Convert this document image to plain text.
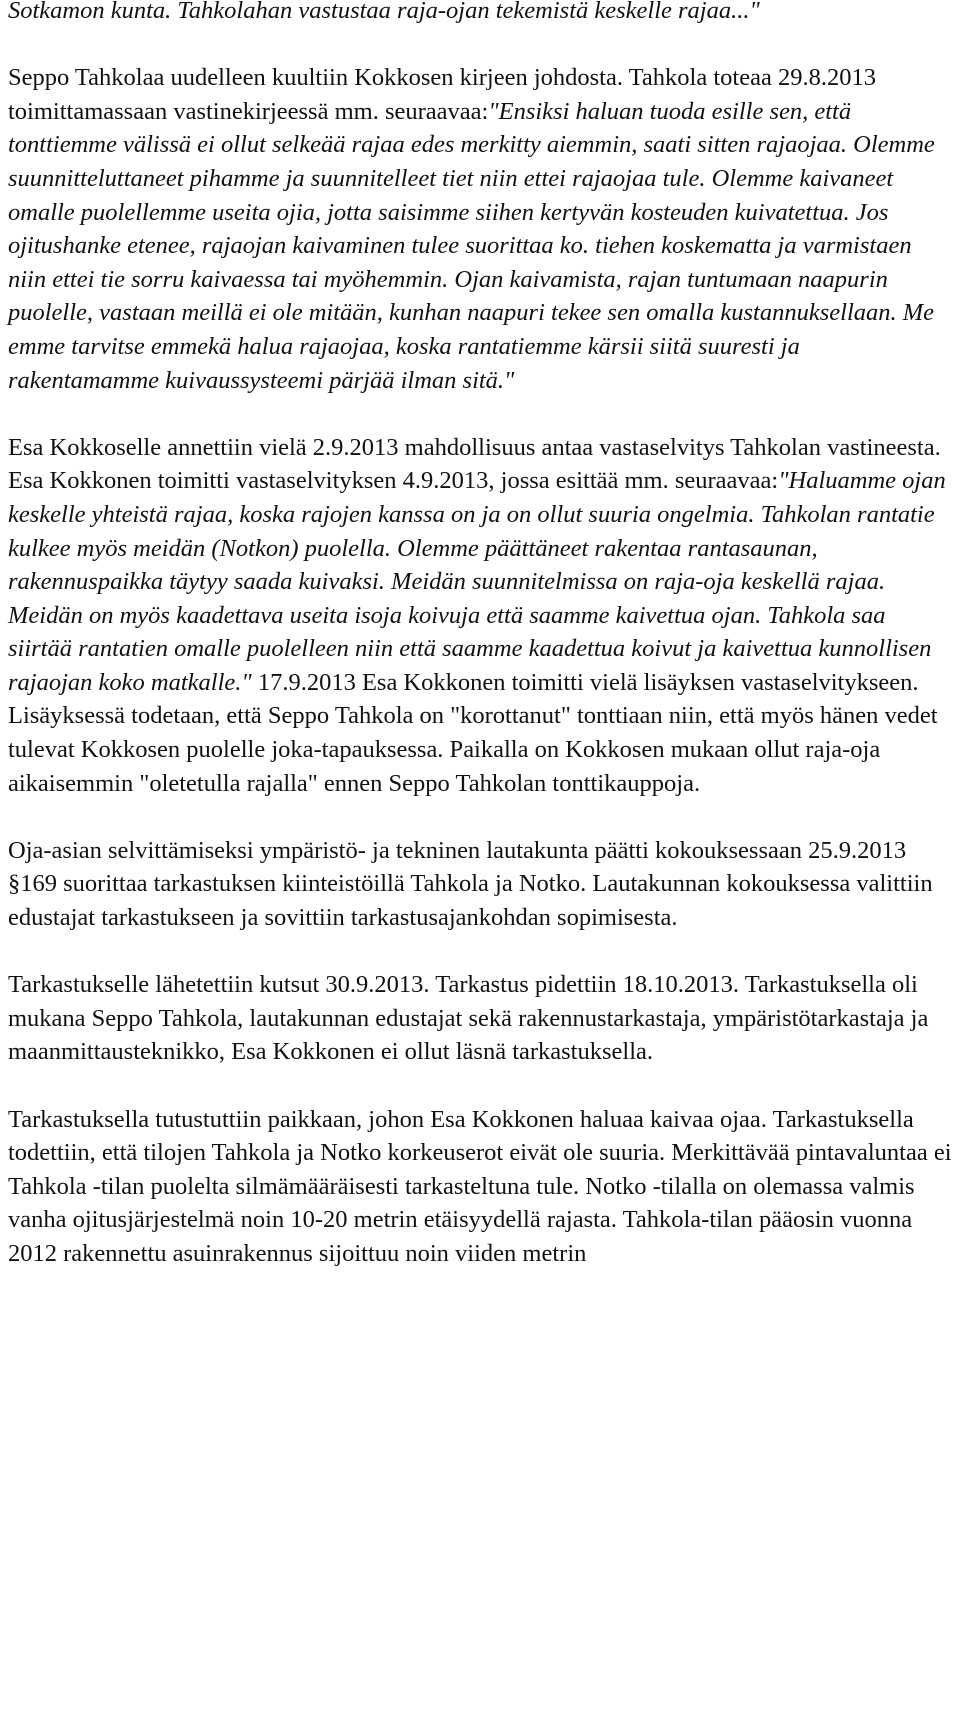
Sotkamon kunta. Tahkolahan vastustaa raja-ojan tekemistä keskelle rajaa..."

Seppo Tahkolaa uudelleen kuultiin Kokkosen kirjeen johdosta. Tahkola toteaa 29.8.2013 toimittamassaan vastinekirjeessä mm. seuraavaa:"Ensiksi haluan tuoda esille sen, että tonttiemme välissä ei ollut selkeää rajaa edes merkitty aiemmin, saati sitten rajaojaa. Olemme suunnitteluttaneet pihamme ja suunnitelleet tiet niin ettei rajaojaa tule. Olemme kaivaneet omalle puolellemme useita ojia, jotta saisimme siihen kertyvän kosteuden kuivatettua. Jos ojitushanke etenee, rajaojan kaivaminen tulee suorittaa ko. tiehen koskematta ja varmistaen niin ettei tie sorru kaivaessa tai myöhemmin. Ojan kaivamista, rajan tuntumaan naapurin puolelle, vastaan meillä ei ole mitään, kunhan naapuri tekee sen omalla kustannuksellaan. Me emme tarvitse emmekä halua rajaojaa, koska rantatiemme kärsii siitä suuresti ja rakentamamme kuivaussysteemi pärjää ilman sitä."

Esa Kokkoselle annettiin vielä 2.9.2013 mahdollisuus antaa vastaselvitys Tahkolan vastineesta. Esa Kokkonen toimitti vastaselvityksen 4.9.2013, jossa esittää mm. seuraavaa:"Haluamme ojan keskelle yhteistä rajaa, koska rajojen kanssa on ja on ollut suuria ongelmia. Tahkolan rantatie kulkee myös meidän (Notkon) puolella. Olemme päättäneet rakentaa rantasaunan, rakennuspaikka täytyy saada kuivaksi. Meidän suunnitelmissa on raja-oja keskellä rajaa. Meidän on myös kaadettava useita isoja koivuja että saamme kaivettua ojan. Tahkola saa siirtää rantatien omalle puolelleen niin että saamme kaadettua koivut ja kaivettua kunnollisen rajaojan koko matkalle." 17.9.2013 Esa Kokkonen toimitti vielä lisäyksen vastaselvitykseen. Lisäyksessä todetaan, että Seppo Tahkola on "korottanut" tonttiaan niin, että myös hänen vedet tulevat Kokkosen puolelle joka-tapauksessa. Paikalla on Kokkosen mukaan ollut raja-oja aikaisemmin "oletetulla rajalla" ennen Seppo Tahkolan tonttikauppoja.

Oja-asian selvittämiseksi ympäristö- ja tekninen lautakunta päätti kokouksessaan 25.9.2013 §169 suorittaa tarkastuksen kiinteistöillä Tahkola ja Notko. Lautakunnan kokouksessa valittiin edustajat tarkastukseen ja sovittiin tarkastusajankohdan sopimisesta.

Tarkastukselle lähetettiin kutsut 30.9.2013. Tarkastus pidettiin 18.10.2013. Tarkastuksella oli mukana Seppo Tahkola, lautakunnan edustajat sekä rakennustarkastaja, ympäristötarkastaja ja maanmittausteknikko, Esa Kokkonen ei ollut läsnä tarkastuksella.

Tarkastuksella tutustuttiin paikkaan, johon Esa Kokkonen haluaa kaivaa ojaa. Tarkastuksella todettiin, että tilojen Tahkola ja Notko korkeuserot eivät ole suuria. Merkittävää pintavaluntaa ei Tahkola -tilan puolelta silmämääräisesti tarkasteltuna tule. Notko -tilalla on olemassa valmis vanha ojitusjärjestelmä noin 10-20 metrin etäisyydellä rajasta. Tahkola-tilan pääosin vuonna 2012 rakennettu asuinrakennus sijoittuu noin viiden metrin
